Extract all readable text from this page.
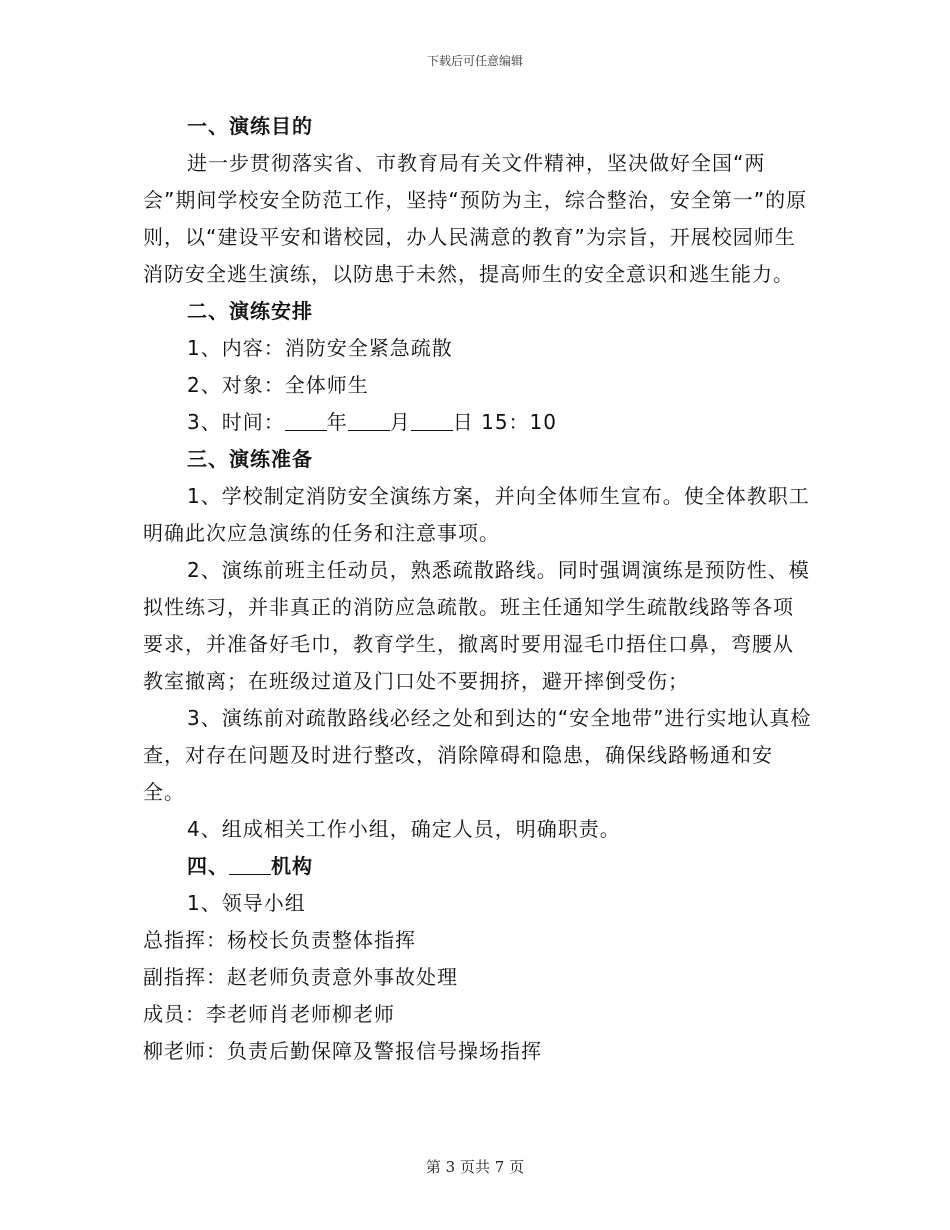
下载后可任意编辑

一、演练目的

进一步贯彻落实省、市教育局有关文件精神，坚决做好全国“两会”期间学校安全防范工作，坚持“预防为主，综合整治，安全第一”的原则，以“建设平安和谐校园，办人民满意的教育”为宗旨，开展校园师生消防安全逃生演练，以防患于未然，提高师生的安全意识和逃生能力。

二、演练安排

1、内容：消防安全紧急疏散

2、对象：全体师生

3、时间： 年 月 日 15：10

三、演练准备

1、学校制定消防安全演练方案，并向全体师生宣布。使全体教职工明确此次应急演练的任务和注意事项。

2、演练前班主任动员，熟悉疏散路线。同时强调演练是预防性、模拟性练习，并非真正的消防应急疏散。班主任通知学生疏散线路等各项要求，并准备好毛巾，教育学生，撤离时要用湿毛巾捂住口鼻，弯腰从教室撤离；在班级过道及门口处不要拥挤，避开摔倒受伤；

3、演练前对疏散路线必经之处和到达的“安全地带”进行实地认真检查，对存在问题及时进行整改，消除障碍和隐患，确保线路畅通和安全。

4、组成相关工作小组，确定人员，明确职责。

四、 机构

1、领导小组

总指挥：杨校长负责整体指挥

副指挥：赵老师负责意外事故处理

成员：李老师肖老师柳老师

柳老师：负责后勤保障及警报信号操场指挥

第 3 页共 7 页
